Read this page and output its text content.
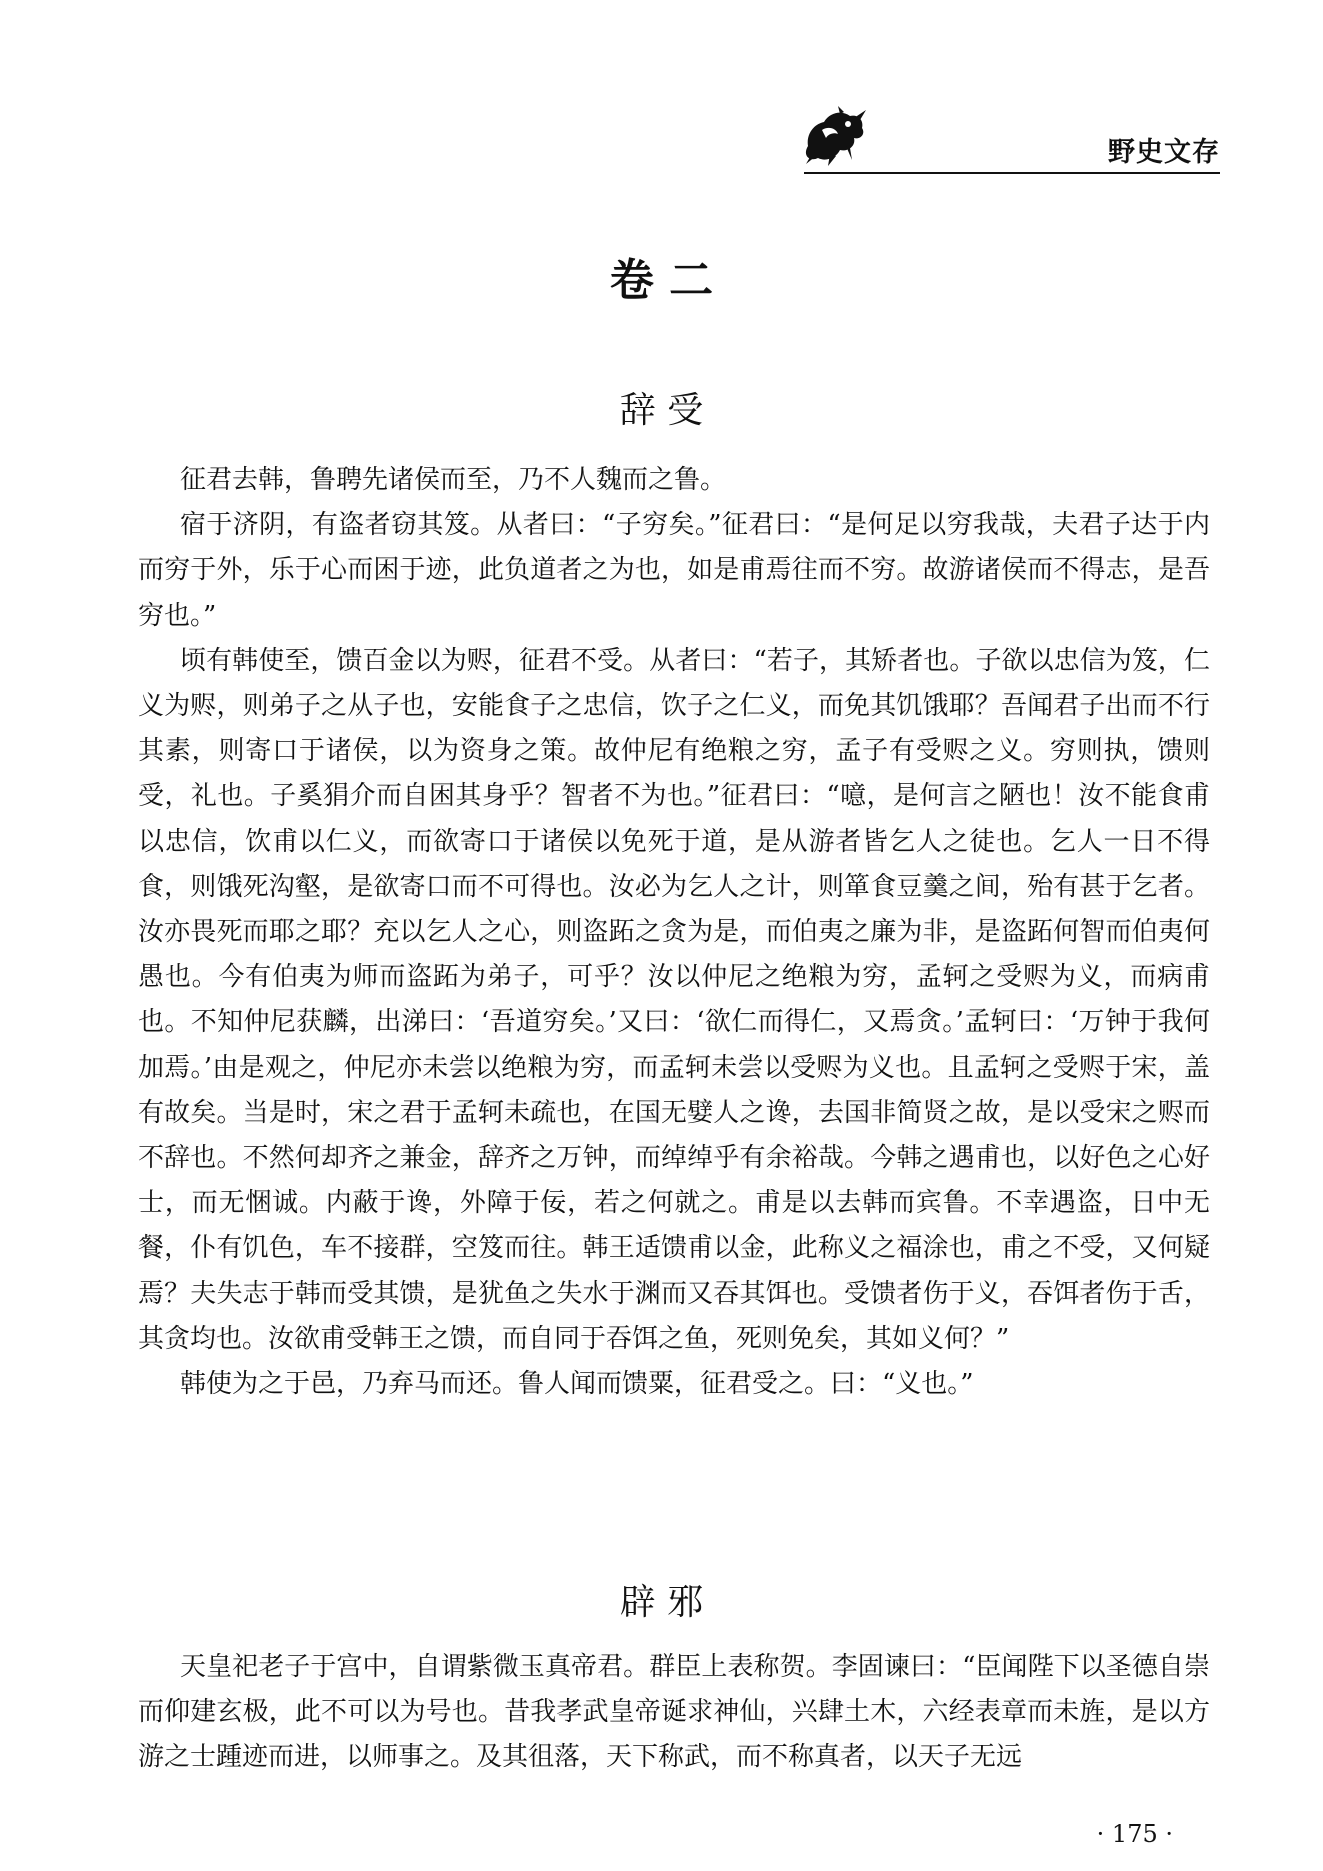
野史文存
卷 二
辞 受

征君去韩，鲁聘先诸侯而至，乃不人魏而之鲁。

宿于济阴，有盗者窃其笈。从者曰：“子穷矣。”征君曰：“是何足以穷我哉，夫君子达于内而穷于外，乐于心而困于迹，此负道者之为也，如是甫焉往而不穷。故游诸侯而不得志，是吾穷也。”

顷有韩使至，馈百金以为赆，征君不受。从者曰：“若子，其矫者也。子欲以忠信为笈，仁义为赆，则弟子之从子也，安能食子之忠信，饮子之仁义，而免其饥饿耶？吾闻君子出而不行其素，则寄口于诸侯，以为资身之策。故仲尼有绝粮之穷，孟子有受赆之义。穷则执，馈则受，礼也。子奚狷介而自困其身乎？智者不为也。”征君曰：“噫，是何言之陋也！汝不能食甫以忠信，饮甫以仁义，而欲寄口于诸侯以免死于道，是从游者皆乞人之徒也。乞人一日不得食，则饿死沟壑，是欲寄口而不可得也。汝必为乞人之计，则箪食豆羹之间，殆有甚于乞者。汝亦畏死而耶之耶？充以乞人之心，则盗跖之贪为是，而伯夷之廉为非，是盗跖何智而伯夷何愚也。今有伯夷为师而盗跖为弟子，可乎？汝以仲尼之绝粮为穷，孟轲之受赆为义，而病甫也。不知仲尼获麟，出涕曰：‘吾道穷矣。’又曰：‘欲仁而得仁，又焉贪。’孟轲曰：‘万钟于我何加焉。’由是观之，仲尼亦未尝以绝粮为穷，而孟轲未尝以受赆为义也。且孟轲之受赆于宋，盖有故矣。当是时，宋之君于孟轲未疏也，在国无嬖人之谗，去国非简贤之故，是以受宋之赆而不辞也。不然何却齐之兼金，辞齐之万钟，而绰绰乎有余裕哉。今韩之遇甫也，以好色之心好士，而无悃诚。内蔽于谗，外障于佞，若之何就之。甫是以去韩而宾鲁。不幸遇盗，日中无餐，仆有饥色，车不接群，空笈而往。韩王适馈甫以金，此称义之福涂也，甫之不受，又何疑焉？夫失志于韩而受其馈，是犹鱼之失水于渊而又吞其饵也。受馈者伤于义，吞饵者伤于舌，其贪均也。汝欲甫受韩王之馈，而自同于吞饵之鱼，死则免矣，其如义何？”

韩使为之于邑，乃弃马而还。鲁人闻而馈粟，征君受之。曰：“义也。”

辟 邪

天皇祀老子于宫中，自谓紫微玉真帝君。群臣上表称贺。李固谏曰：“臣闻陛下以圣德自崇而仰建玄极，此不可以为号也。昔我孝武皇帝诞求神仙，兴肆土木，六经表章而未旌，是以方游之士踵迹而进，以师事之。及其徂落，天下称武，而不称真者，以天子无远

· 175 ·
